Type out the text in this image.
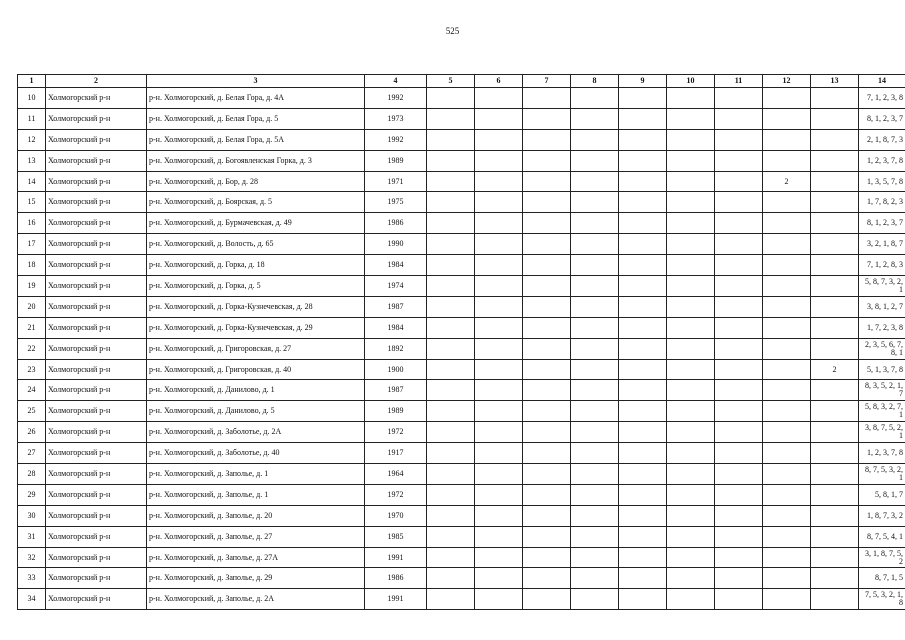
525
1	2	3	4	5	6	7	8	9	10	11	12	13	14
10	Холмогорский р-н	р-н. Холмогорский, д. Белая Гора, д. 4А	1992										7, 1, 2, 3, 8
11	Холмогорский р-н	р-н. Холмогорский, д. Белая Гора, д. 5	1973										8, 1, 2, 3, 7
12	Холмогорский р-н	р-н. Холмогорский, д. Белая Гора, д. 5А	1992										2, 1, 8, 7, 3
13	Холмогорский р-н	р-н. Холмогорский, д. Богоявленская Горка, д. 3	1989										1, 2, 3, 7, 8
14	Холмогорский р-н	р-н. Холмогорский, д. Бор, д. 28	1971								2		1, 3, 5, 7, 8
15	Холмогорский р-н	р-н. Холмогорский, д. Боярская, д. 5	1975										1, 7, 8, 2, 3
16	Холмогорский р-н	р-н. Холмогорский, д. Бурмачевская, д. 49	1986										8, 1, 2, 3, 7
17	Холмогорский р-н	р-н. Холмогорский, д. Волость, д. 65	1990										3, 2, 1, 8, 7
18	Холмогорский р-н	р-н. Холмогорский, д. Горка, д. 18	1984										7, 1, 2, 8, 3
19	Холмогорский р-н	р-н. Холмогорский, д. Горка, д. 5	1974										5, 8, 7, 3, 2, 1
20	Холмогорский р-н	р-н. Холмогорский, д. Горка-Кузнечевская, д. 28	1987										3, 8, 1, 2, 7
21	Холмогорский р-н	р-н. Холмогорский, д. Горка-Кузнечевская, д. 29	1984										1, 7, 2, 3, 8
22	Холмогорский р-н	р-н. Холмогорский, д. Григоровская, д. 27	1892										2, 3, 5, 6, 7, 8, 1
23	Холмогорский р-н	р-н. Холмогорский, д. Григоровская, д. 40	1900									2	5, 1, 3, 7, 8
24	Холмогорский р-н	р-н. Холмогорский, д. Данилово, д. 1	1987										8, 3, 5, 2, 1, 7
25	Холмогорский р-н	р-н. Холмогорский, д. Данилово, д. 5	1989										5, 8, 3, 2, 7, 1
26	Холмогорский р-н	р-н. Холмогорский, д. Заболотье, д. 2А	1972										3, 8, 7, 5, 2, 1
27	Холмогорский р-н	р-н. Холмогорский, д. Заболотье, д. 40	1917										1, 2, 3, 7, 8
28	Холмогорский р-н	р-н. Холмогорский, д. Заполье, д. 1	1964										8, 7, 5, 3, 2, 1
29	Холмогорский р-н	р-н. Холмогорский, д. Заполье, д. 1	1972										5, 8, 1, 7
30	Холмогорский р-н	р-н. Холмогорский, д. Заполье, д. 20	1970										1, 8, 7, 3, 2
31	Холмогорский р-н	р-н. Холмогорский, д. Заполье, д. 27	1985										8, 7, 5, 4, 1
32	Холмогорский р-н	р-н. Холмогорский, д. Заполье, д. 27А	1991										3, 1, 8, 7, 5, 2
33	Холмогорский р-н	р-н. Холмогорский, д. Заполье, д. 29	1986										8, 7, 1, 5
34	Холмогорский р-н	р-н. Холмогорский, д. Заполье, д. 2А	1991										7, 5, 3, 2, 1, 8
